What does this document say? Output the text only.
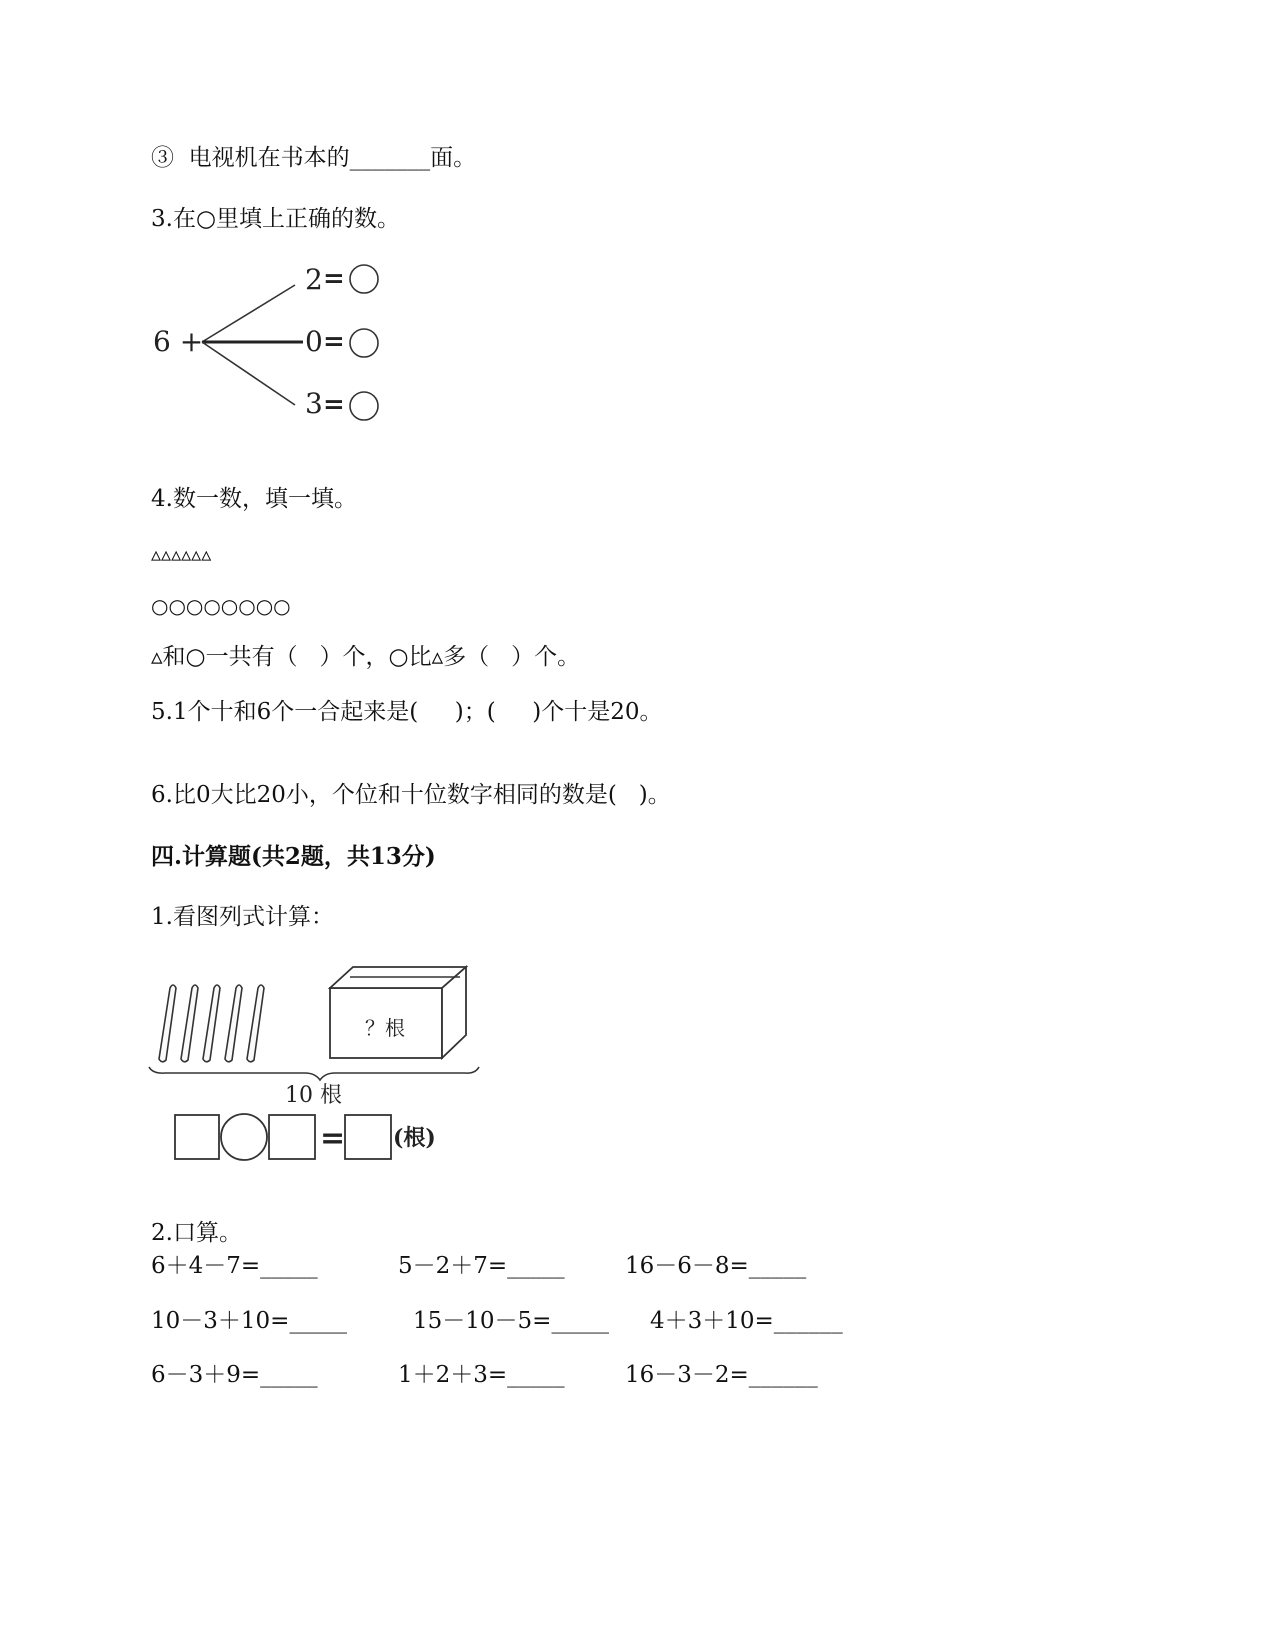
③  电视机在书本的_______面。
3.在○里填上正确的数。
6 +
2
0
3
=
=
=
4.数一数，填一填。
▵▵▵▵▵▵
○○○○○○○○
▵和○一共有（   ）个，○比▵多（   ）个。
5.1个十和6个一合起来是(     )；(     )个十是20。
6.比0大比20小，个位和十位数字相同的数是(   )。
四.计算题(共2题，共13分)
1.看图列式计算：
？根
10 根
= (根)
2.口算。
6＋4－7=_____	5－2＋7=_____	16－6－8=_____
10－3＋10=_____	15－10－5=_____ 4＋3＋10=______
6－3＋9=_____	1＋2＋3=_____	16－3－2=______
